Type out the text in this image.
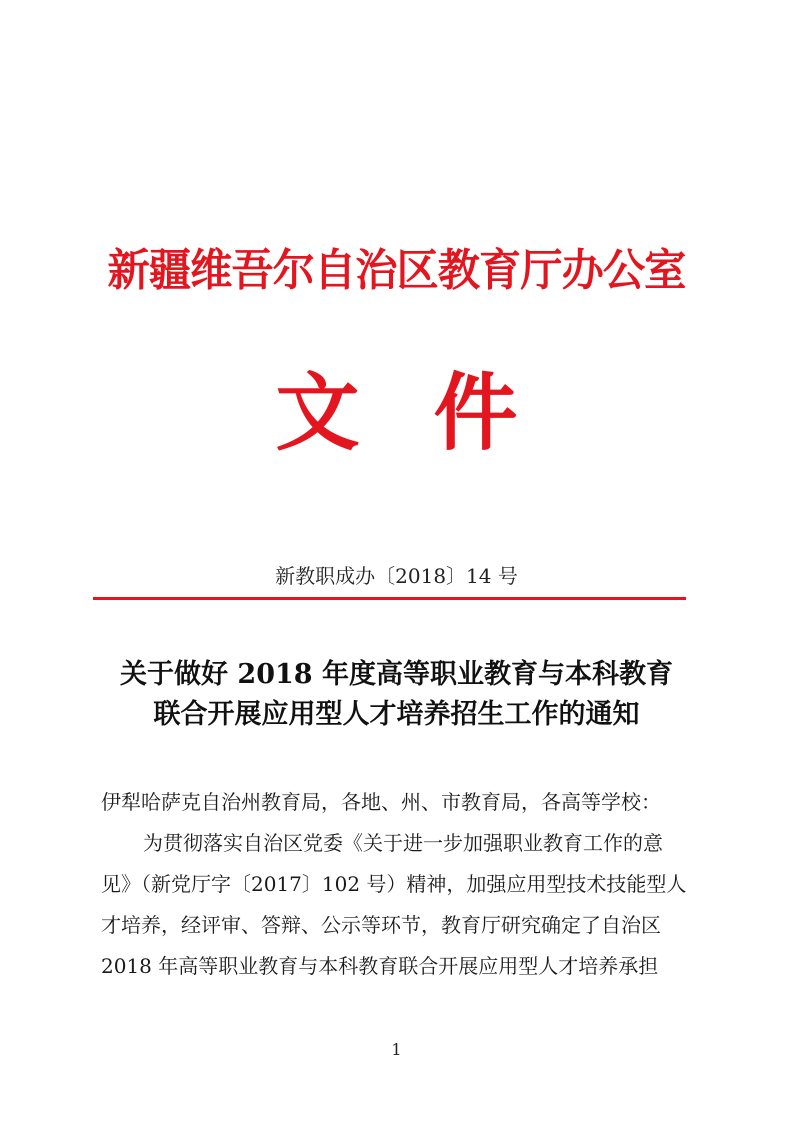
新疆维吾尔自治区教育厅办公室
文件
新教职成办〔2018〕14 号
关于做好 2018 年度高等职业教育与本科教育
联合开展应用型人才培养招生工作的通知
伊犁哈萨克自治州教育局，各地、州、市教育局，各高等学校：
为贯彻落实自治区党委《关于进一步加强职业教育工作的意
见》（新党厅字〔2017〕102 号）精神，加强应用型技术技能型人
才培养，经评审、答辩、公示等环节，教育厅研究确定了自治区
2018 年高等职业教育与本科教育联合开展应用型人才培养承担
1
